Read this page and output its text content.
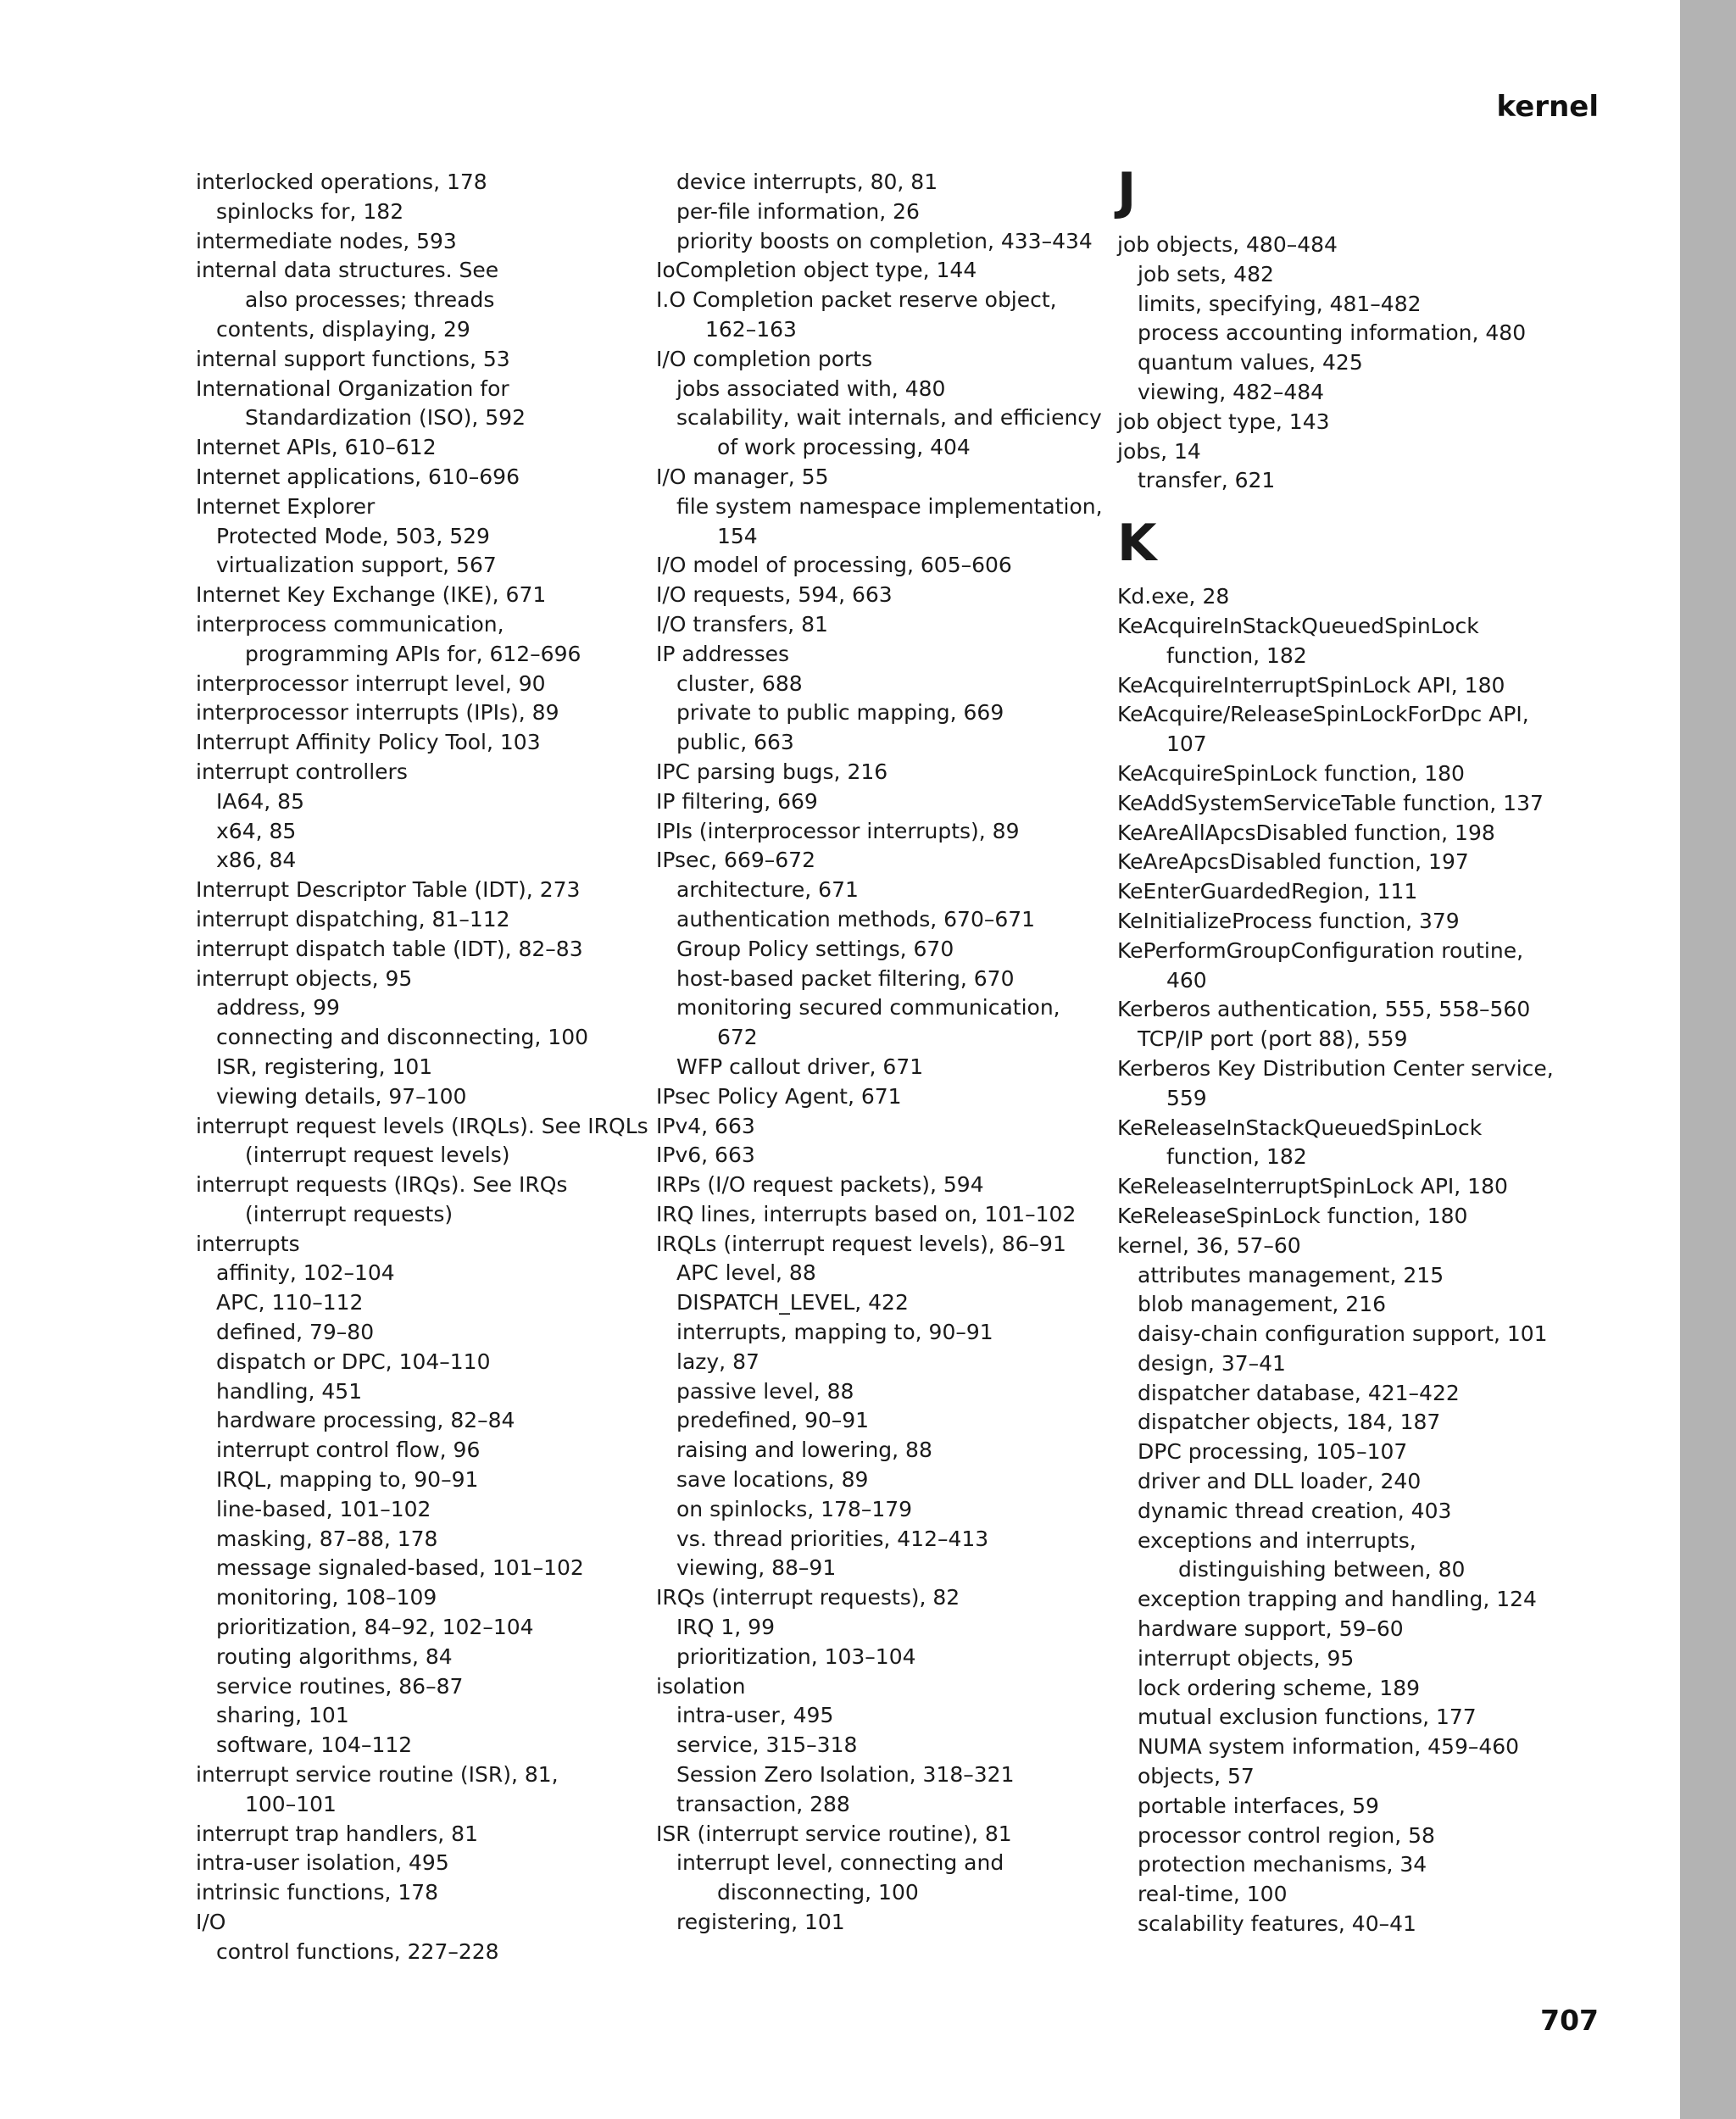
kernel
interlocked operations, 178
spinlocks for, 182
intermediate nodes, 593
internal data structures. See
also processes; threads
contents, displaying, 29
internal support functions, 53
International Organization for
Standardization (ISO), 592
Internet APIs, 610–612
Internet applications, 610–696
Internet Explorer
Protected Mode, 503, 529
virtualization support, 567
Internet Key Exchange (IKE), 671
interprocess communication,
programming APIs for, 612–696
interprocessor interrupt level, 90
interprocessor interrupts (IPIs), 89
Interrupt Affinity Policy Tool, 103
interrupt controllers
IA64, 85
x64, 85
x86, 84
Interrupt Descriptor Table (IDT), 273
interrupt dispatching, 81–112
interrupt dispatch table (IDT), 82–83
interrupt objects, 95
address, 99
connecting and disconnecting, 100
ISR, registering, 101
viewing details, 97–100
interrupt request levels (IRQLs). See IRQLs
(interrupt request levels)
interrupt requests (IRQs). See IRQs
(interrupt requests)
interrupts
affinity, 102–104
APC, 110–112
defined, 79–80
dispatch or DPC, 104–110
handling, 451
hardware processing, 82–84
interrupt control flow, 96
IRQL, mapping to, 90–91
line-based, 101–102
masking, 87–88, 178
message signaled-based, 101–102
monitoring, 108–109
prioritization, 84–92, 102–104
routing algorithms, 84
service routines, 86–87
sharing, 101
software, 104–112
interrupt service routine (ISR), 81,
100–101
interrupt trap handlers, 81
intra-user isolation, 495
intrinsic functions, 178
I/O
control functions, 227–228
device interrupts, 80, 81
per-file information, 26
priority boosts on completion, 433–434
IoCompletion object type, 144
I.O Completion packet reserve object,
162–163
I/O completion ports
jobs associated with, 480
scalability, wait internals, and efficiency
of work processing, 404
I/O manager, 55
file system namespace implementation,
154
I/O model of processing, 605–606
I/O requests, 594, 663
I/O transfers, 81
IP addresses
cluster, 688
private to public mapping, 669
public, 663
IPC parsing bugs, 216
IP filtering, 669
IPIs (interprocessor interrupts), 89
IPsec, 669–672
architecture, 671
authentication methods, 670–671
Group Policy settings, 670
host-based packet filtering, 670
monitoring secured communication,
672
WFP callout driver, 671
IPsec Policy Agent, 671
IPv4, 663
IPv6, 663
IRPs (I/O request packets), 594
IRQ lines, interrupts based on, 101–102
IRQLs (interrupt request levels), 86–91
APC level, 88
DISPATCH_LEVEL, 422
interrupts, mapping to, 90–91
lazy, 87
passive level, 88
predefined, 90–91
raising and lowering, 88
save locations, 89
on spinlocks, 178–179
vs. thread priorities, 412–413
viewing, 88–91
IRQs (interrupt requests), 82
IRQ 1, 99
prioritization, 103–104
isolation
intra-user, 495
service, 315–318
Session Zero Isolation, 318–321
transaction, 288
ISR (interrupt service routine), 81
interrupt level, connecting and
disconnecting, 100
registering, 101
J
job objects, 480–484
job sets, 482
limits, specifying, 481–482
process accounting information, 480
quantum values, 425
viewing, 482–484
job object type, 143
jobs, 14
transfer, 621
K
Kd.exe, 28
KeAcquireInStackQueuedSpinLock
function, 182
KeAcquireInterruptSpinLock API, 180
KeAcquire/ReleaseSpinLockForDpc API,
107
KeAcquireSpinLock function, 180
KeAddSystemServiceTable function, 137
KeAreAllApcsDisabled function, 198
KeAreApcsDisabled function, 197
KeEnterGuardedRegion, 111
KeInitializeProcess function, 379
KePerformGroupConfiguration routine,
460
Kerberos authentication, 555, 558–560
TCP/IP port (port 88), 559
Kerberos Key Distribution Center service,
559
KeReleaseInStackQueuedSpinLock
function, 182
KeReleaseInterruptSpinLock API, 180
KeReleaseSpinLock function, 180
kernel, 36, 57–60
attributes management, 215
blob management, 216
daisy-chain configuration support, 101
design, 37–41
dispatcher database, 421–422
dispatcher objects, 184, 187
DPC processing, 105–107
driver and DLL loader, 240
dynamic thread creation, 403
exceptions and interrupts,
distinguishing between, 80
exception trapping and handling, 124
hardware support, 59–60
interrupt objects, 95
lock ordering scheme, 189
mutual exclusion functions, 177
NUMA system information, 459–460
objects, 57
portable interfaces, 59
processor control region, 58
protection mechanisms, 34
real-time, 100
scalability features, 40–41
707
